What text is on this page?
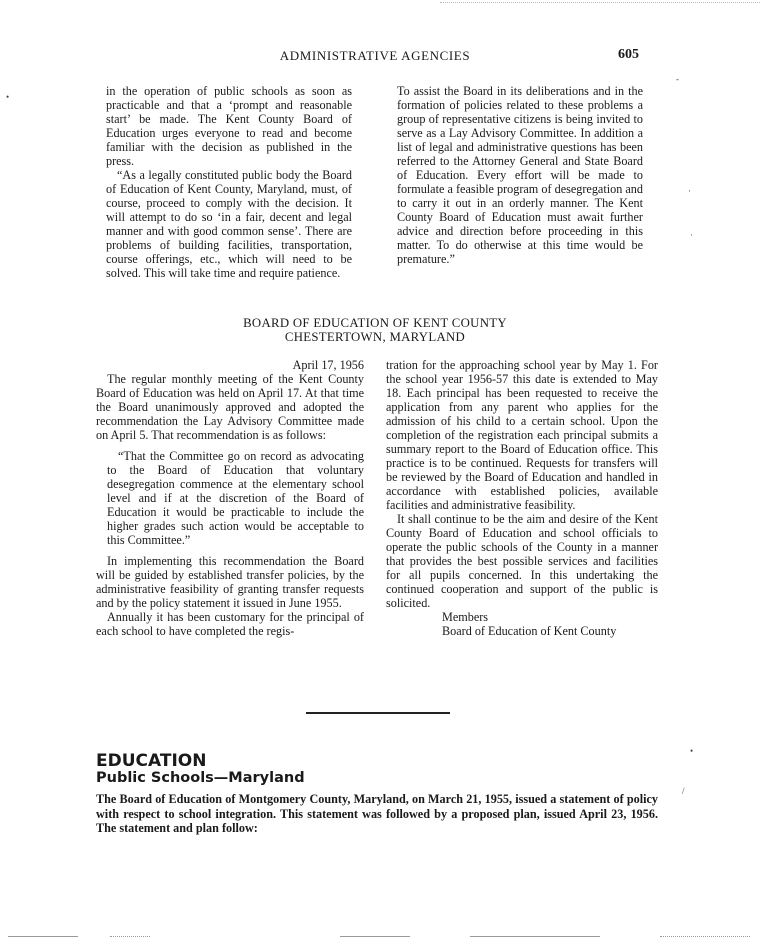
ADMINISTRATIVE AGENCIES	605

in the operation of public schools as soon as practicable and that a ‘prompt and reasonable start’ be made. The Kent County Board of Education urges everyone to read and become familiar with the decision as published in the press.

“As a legally constituted public body the Board of Education of Kent County, Maryland, must, of course, proceed to comply with the decision. It will attempt to do so ‘in a fair, decent and legal manner and with good common sense’. There are problems of building facilities, transportation, course offerings, etc., which will need to be solved. This will take time and require patience.

To assist the Board in its deliberations and in the formation of policies related to these problems a group of representative citizens is being invited to serve as a Lay Advisory Committee. In addition a list of legal and administrative questions has been referred to the Attorney General and State Board of Education. Every effort will be made to formulate a feasible program of desegregation and to carry it out in an orderly manner. The Kent County Board of Education must await further advice and direction before proceeding in this matter. To do otherwise at this time would be premature.”

BOARD OF EDUCATION OF KENT COUNTY
CHESTERTOWN, MARYLAND

April 17, 1956

The regular monthly meeting of the Kent County Board of Education was held on April 17. At that time the Board unanimously approved and adopted the recommendation the Lay Advisory Committee made on April 5. That recommendation is as follows:

“That the Committee go on record as advocating to the Board of Education that voluntary desegregation commence at the elementary school level and if at the discretion of the Board of Education it would be practicable to include the higher grades such action would be acceptable to this Committee.”

In implementing this recommendation the Board will be guided by established transfer policies, by the administrative feasibility of granting transfer requests and by the policy statement it issued in June 1955.

Annually it has been customary for the principal of each school to have completed the regis-

tration for the approaching school year by May 1. For the school year 1956-57 this date is extended to May 18. Each principal has been requested to receive the application from any parent who applies for the admission of his child to a certain school. Upon the completion of the registration each principal submits a summary report to the Board of Education office. This practice is to be continued. Requests for transfers will be reviewed by the Board of Education and handled in accordance with established policies, available facilities and administrative feasibility.

It shall continue to be the aim and desire of the Kent County Board of Education and school officials to operate the public schools of the County in a manner that provides the best possible services and facilities for all pupils concerned. In this undertaking the continued cooperation and support of the public is solicited.

Members

Board of Education of Kent County

EDUCATION
Public Schools—Maryland
The Board of Education of Montgomery County, Maryland, on March 21, 1955, issued a statement of policy with respect to school integration. This statement was followed by a proposed plan, issued April 23, 1956. The statement and plan follow:
•
-
·
·
•
/
